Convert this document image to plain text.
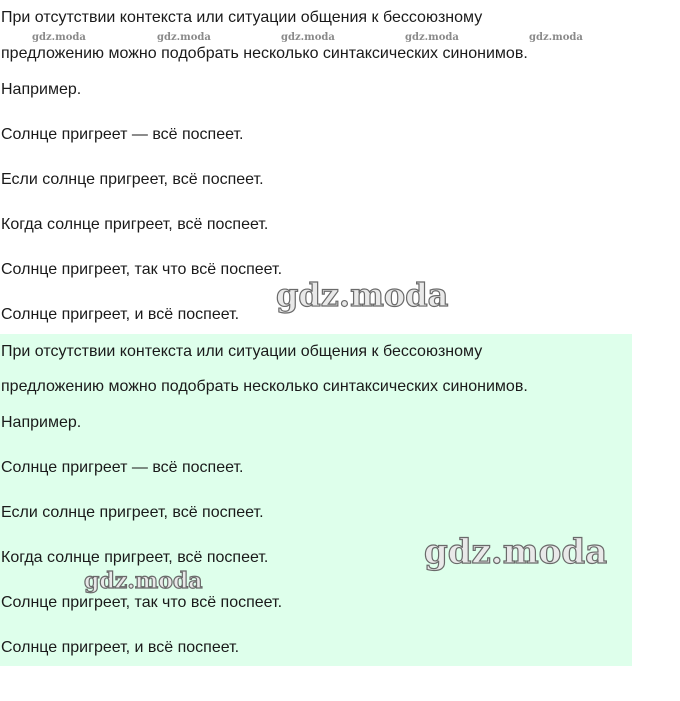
При отсутствии контекста или ситуации общения к бессоюзному
предложению можно подобрать несколько синтаксических синонимов.
Например.
Солнце пригреет — всё поспеет.
Если солнце пригреет, всё поспеет.
Когда солнце пригреет, всё поспеет.
Солнце пригреет, так что всё поспеет.
Солнце пригреет, и всё поспеет.
При отсутствии контекста или ситуации общения к бессоюзному
предложению можно подобрать несколько синтаксических синонимов.
Например.
Солнце пригреет — всё поспеет.
Если солнце пригреет, всё поспеет.
Когда солнце пригреет, всё поспеет.
Солнце пригреет, так что всё поспеет.
Солнце пригреет, и всё поспеет.
gdz.moda	gdz.moda	gdz.moda	gdz.moda	gdz.moda
gdz.moda
gdz.moda
gdz.moda
